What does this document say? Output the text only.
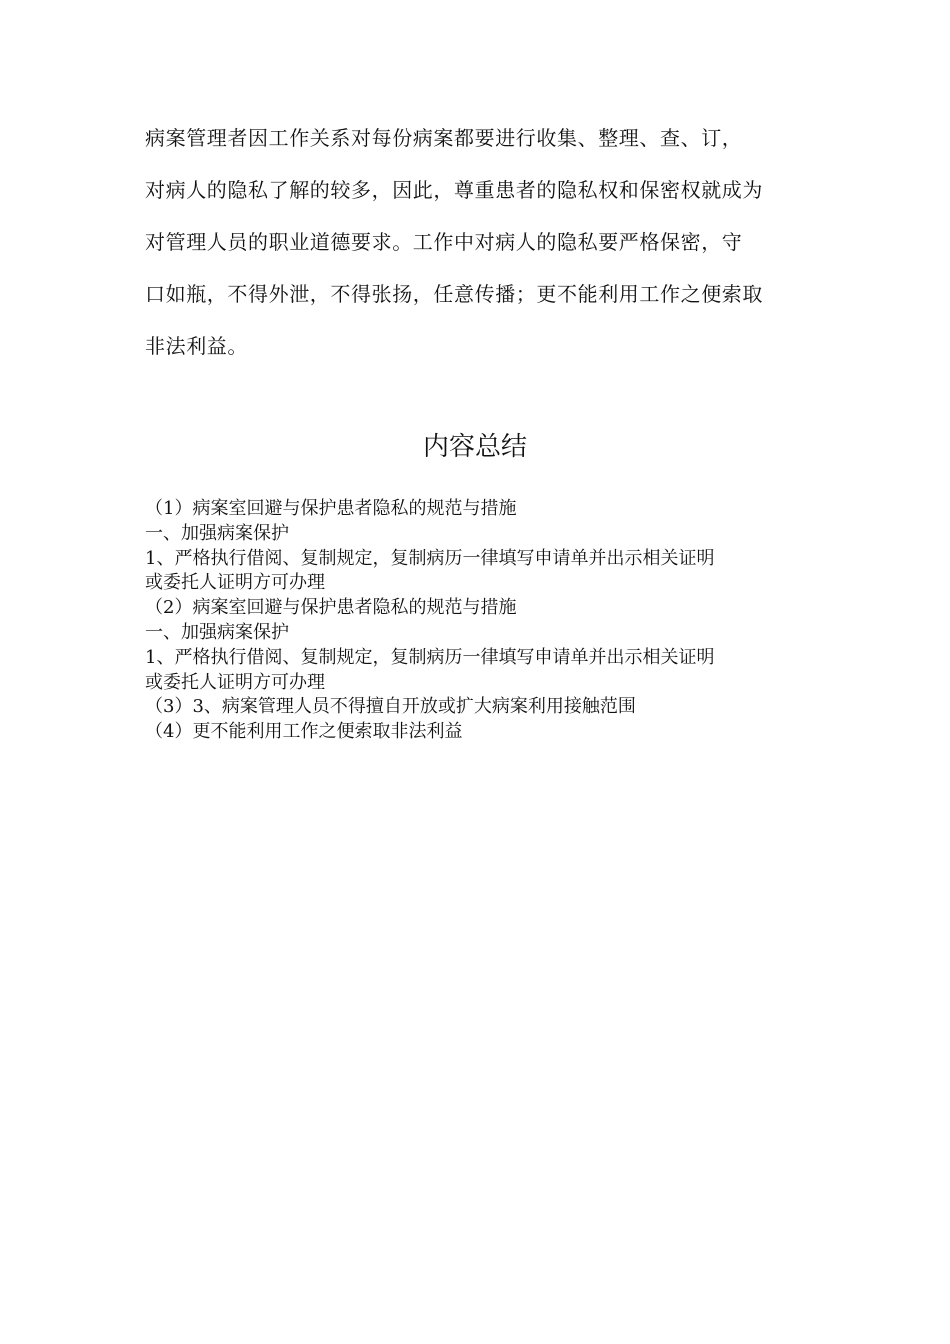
病案管理者因工作关系对每份病案都要进行收集、整理、查、订，
对病人的隐私了解的较多，因此，尊重患者的隐私权和保密权就成为
对管理人员的职业道德要求。工作中对病人的隐私要严格保密，守
口如瓶，不得外泄，不得张扬，任意传播；更不能利用工作之便索取
非法利益。
内容总结
（1）病案室回避与保护患者隐私的规范与措施
一、加强病案保护
1、严格执行借阅、复制规定，复制病历一律填写申请单并出示相关证明
或委托人证明方可办理
（2）病案室回避与保护患者隐私的规范与措施
一、加强病案保护
1、严格执行借阅、复制规定，复制病历一律填写申请单并出示相关证明
或委托人证明方可办理
（3）3、病案管理人员不得擅自开放或扩大病案利用接触范围
（4）更不能利用工作之便索取非法利益
